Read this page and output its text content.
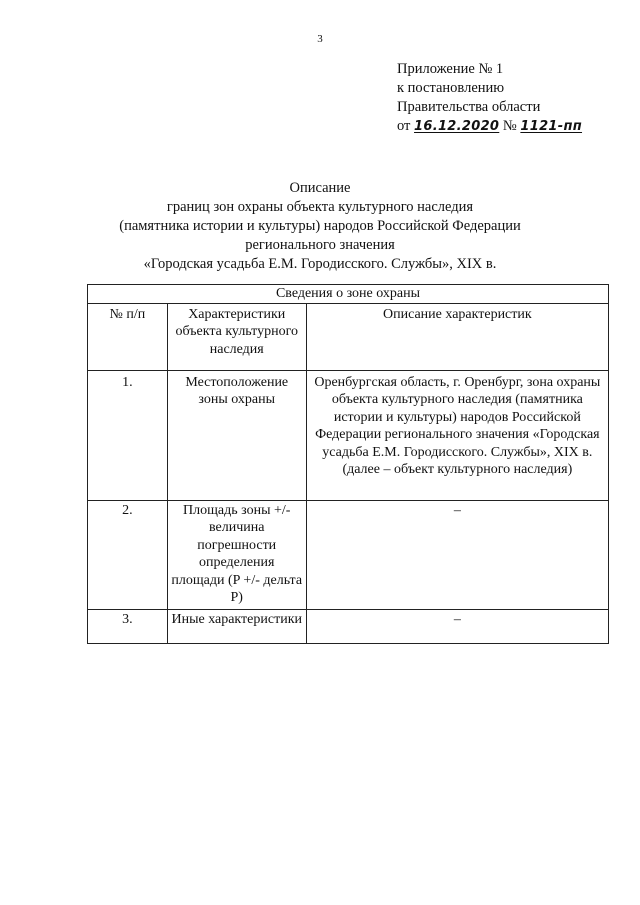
3
Приложение № 1
к постановлению
Правительства области
от 16.12.2020 № 1121-пп
Описание
границ зон охраны объекта культурного наследия
(памятника истории и культуры) народов Российской Федерации
регионального значения
«Городская усадьба Е.М. Городисского. Службы», XIX в.
Сведения о зоне охраны		
№ п/п	Характеристики объекта культурного наследия	Описание характеристик
1.	Местоположение зоны охраны	Оренбургская область, г. Оренбург, зона охраны объекта культурного наследия (памятника истории и культуры) народов Российской Федерации регионального значения «Городская усадьба Е.М. Городисского. Службы», XIX в. (далее – объект культурного наследия)
2.	Площадь зоны +/- величина погрешности определения площади (P +/- дельта P)	–
3.	Иные характеристики	–
